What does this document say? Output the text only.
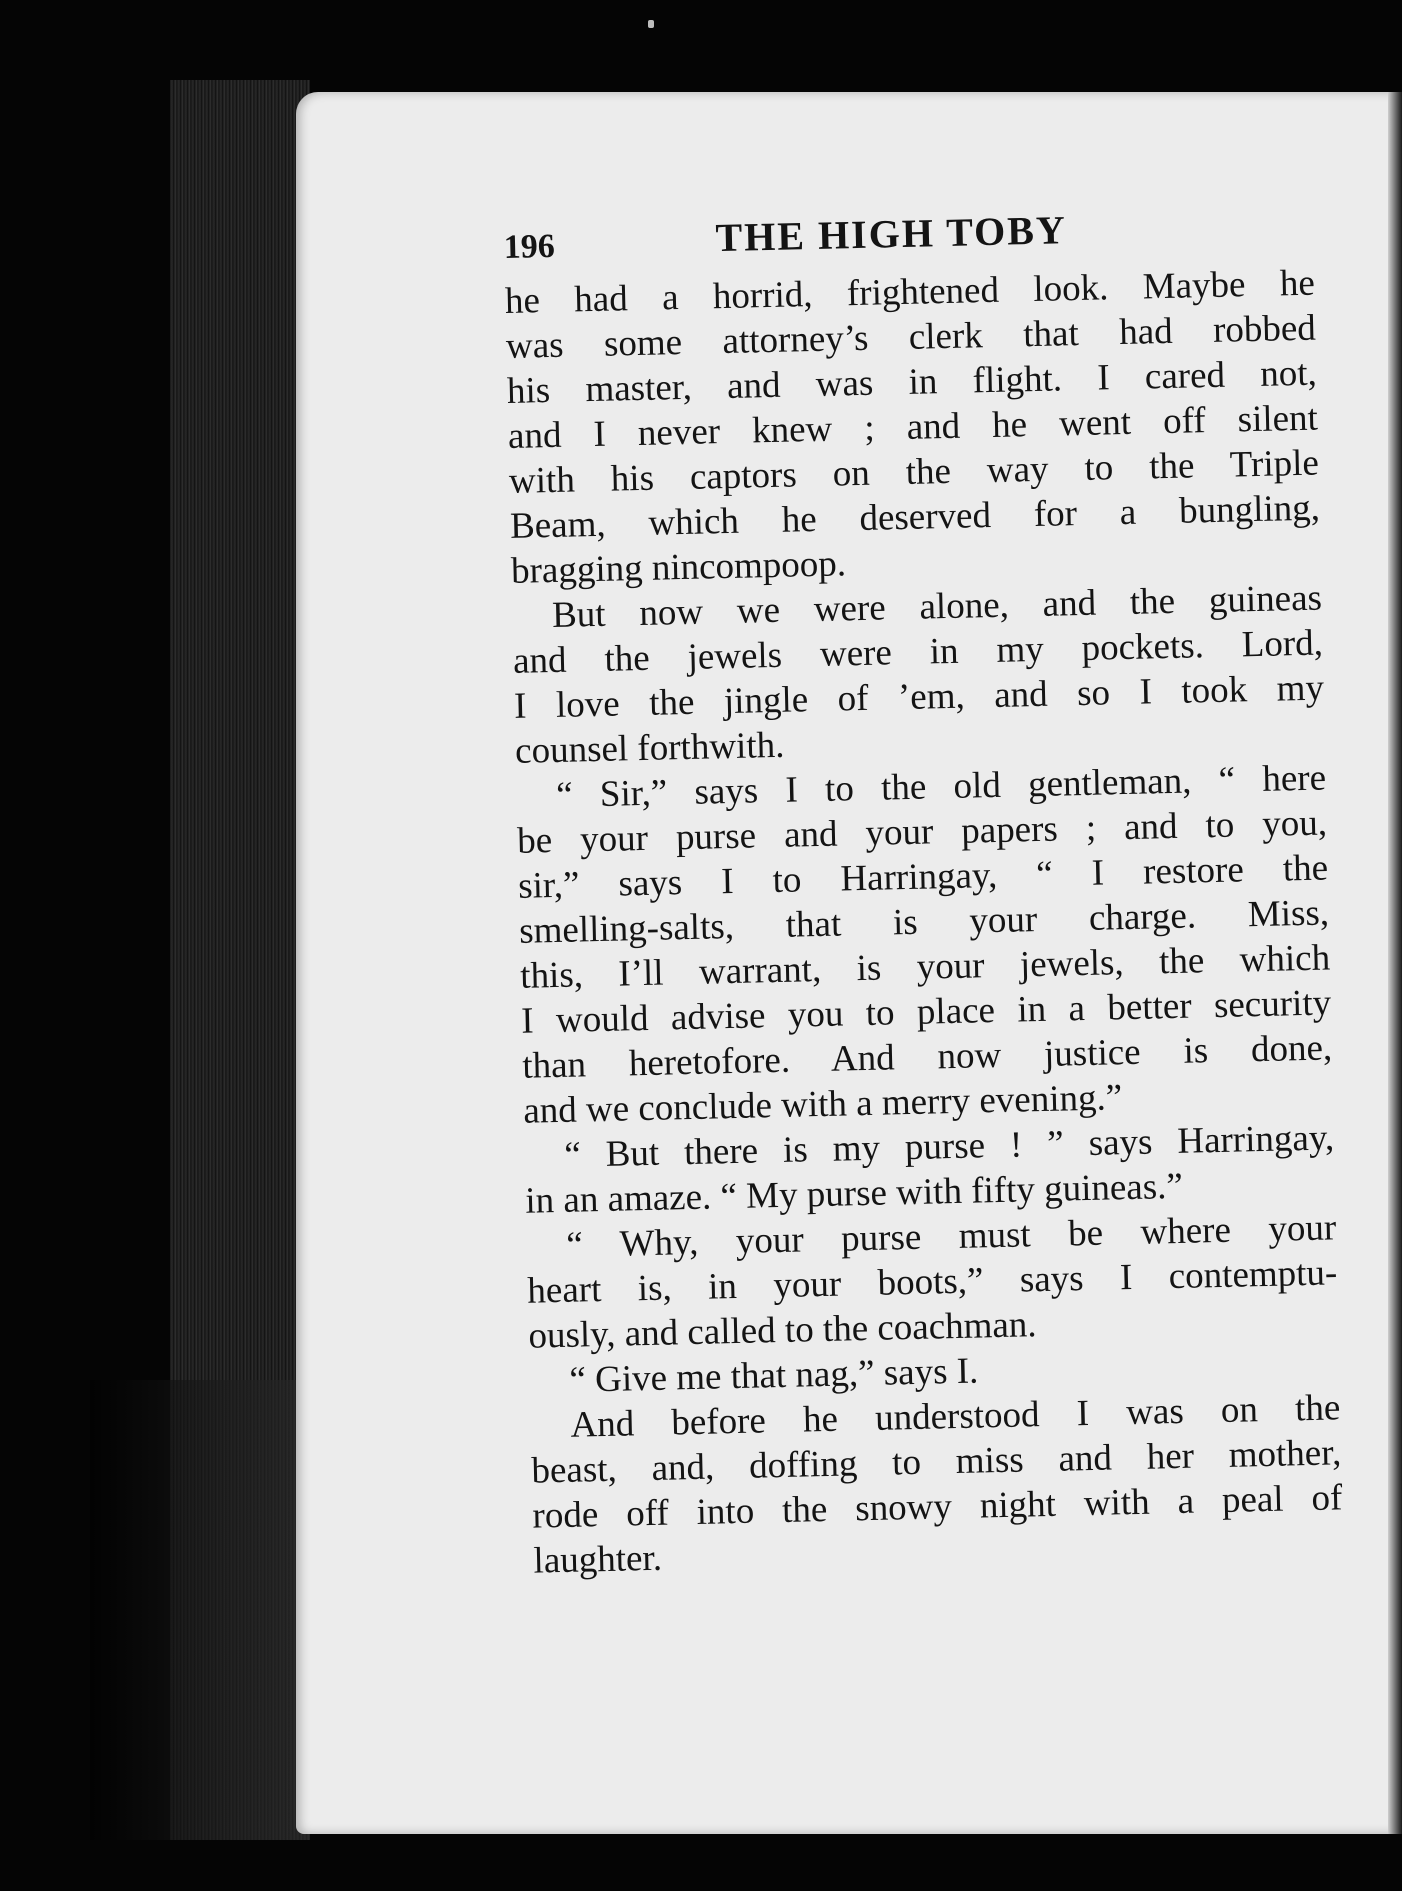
196	THE HIGH TOBY
he had a horrid, frightened look. Maybe he
was some attorney’s clerk that had robbed
his master, and was in flight. I cared not,
and I never knew ; and he went off silent
with his captors on the way to the Triple
Beam, which he deserved for a bungling,
bragging nincompoop.
But now we were alone, and the guineas
and the jewels were in my pockets. Lord,
I love the jingle of ’em, and so I took my
counsel forthwith.
“ Sir,” says I to the old gentleman, “ here
be your purse and your papers ; and to you,
sir,” says I to Harringay, “ I restore the
smelling-salts, that is your charge. Miss,
this, I’ll warrant, is your jewels, the which
I would advise you to place in a better security
than heretofore. And now justice is done,
and we conclude with a merry evening.”
“ But there is my purse ! ” says Harringay,
in an amaze. “ My purse with fifty guineas.”
“ Why, your purse must be where your
heart is, in your boots,” says I contemptu-
ously, and called to the coachman.
“ Give me that nag,” says I.
And before he understood I was on the
beast, and, doffing to miss and her mother,
rode off into the snowy night with a peal of
laughter.
